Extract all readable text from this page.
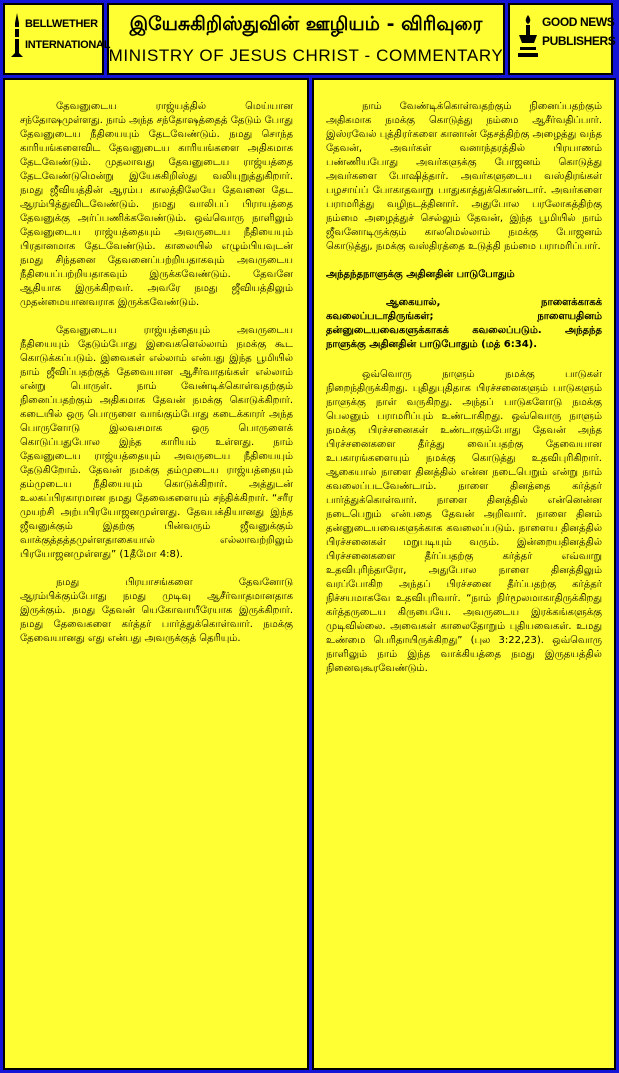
BELLWETHER
INTERNATIONAL
இயேசுகிறிஸ்துவின் ஊழியம் - விரிவுரை
MINISTRY OF JESUS CHRIST - COMMENTARY
GOOD NEWS
PUBLISHERS

தேவனுடைய ராஜ்யத்தில் மெய்யான சந்தோஷமுள்ளது. நாம் அந்த சந்தோஷத்தைத் தேடும் போது தேவனுடைய நீதியையும் தேடவேண்டும். நமது சொந்த காரியங்களைவிட தேவனுடைய காரியங்களை அதிகமாக தேடவேண்டும். முதலாவது தேவனுடைய ராஜ்யத்தை தேடவேண்டுமென்று இயேசுகிறிஸ்து வலியுறுத்துகிறார். நமது ஜீவியத்தின் ஆரம்ப காலத்திலேயே தேவனை தேட ஆரம்பித்துவிடவேண்டும். நமது வாலிபப் பிராயத்தை தேவனுக்கு அர்ப்பணிக்கவேண்டும். ஒவ்வொரு நாளிலும் தேவனுடைய ராஜ்யத்தையும் அவருடைய நீதியையும் பிரதானமாக தேடவேண்டும். காலையில் எழும்பியவுடன் நமது சிந்தனை தேவனைப்பற்றியதாகவும் அவருடைய நீதியைப்பற்றியதாகவும் இருக்கவேண்டும். தேவனே ஆதியாக இருக்கிறவர். அவரே நமது ஜீவியத்திலும் முதன்மையானவராக இருக்கவேண்டும்.

தேவனுடைய ராஜ்யத்தையும் அவருடைய நீதியையும் தேடும்போது இவைகளெல்லாம் நமக்கு கூட கொடுக்கப்படும். இவைகள் எல்லாம் என்பது இந்த பூமியில் நாம் ஜீவிப்பதற்குத் தேவையான ஆசீர்வாதங்கள் எல்லாம் என்று பொருள். நாம் வேண்டிக்கொள்வதற்கும் நினைப்பதற்கும் அதிகமாக தேவன் நமக்கு கொடுக்கிறார். கடையில் ஒரு பொருளை வாங்கும்போது கடைக்காரர் அந்த பொருளோடு இலவசமாக ஒரு பொருளைக் கொடுப்பதுபோல இந்த காரியம் உள்ளது. நாம் தேவனுடைய ராஜ்யத்தையும் அவருடைய நீதியையும் தேடுகிறோம். தேவன் நமக்கு தம்முடைய ராஜ்யத்தையும் தம்முடைய நீதியையும் கொடுக்கிறார். அத்துடன் உலகப்பிரகாரமான நமது தேவைகளையும் சந்திக்கிறார். “சரீர முயற்சி அற்பபிரயோஜனமுள்ளது. தேவபக்தியானது இந்த ஜீவனுக்கும் இதற்கு பின்வரும் ஜீவனுக்கும் வாக்குத்தத்தமுள்ளதாகையால் எல்லாவற்றிலும் பிரயோஜனமுள்ளது” (1தீமோ 4:8).

நமது பிரயாசங்களை தேவனோடு ஆரம்பிக்கும்போது நமது முடிவு ஆசீர்வாதமானதாக இருக்கும். நமது தேவன் யெகோவாயீரேயாக இருக்கிறார். நமது தேவைகளை கர்த்தர் பார்த்துக்கொள்வார். நமக்கு தேவையானது எது என்பது அவருக்குத் தெரியும்.

நாம் வேண்டிக்கொள்வதற்கும் நினைப்பதற்கும் அதிகமாக நமக்கு கொடுத்து நம்மை ஆசீர்வதிப்பார். இஸ்ரவேல் புத்திரர்களை கானான் தேசத்திற்கு அழைத்து வந்த தேவன், அவர்கள் வனாந்தரத்தில் பிரயாணம் பண்ணியபோது அவர்களுக்கு போஜனம் கொடுத்து அவர்களை போஷித்தார். அவர்களுடைய வஸ்திரங்கள் பழசாய்ப் போகாதவாறு பாதுகாத்துக்கொண்டார். அவர்களை பராமரித்து வழிநடத்தினார். அதுபோல பரலோகத்திற்கு நம்மை அழைத்துச் செல்லும் தேவன், இந்த பூமியில் நாம் ஜீவனோடிருக்கும் காலமெல்லாம் நமக்கு போஜனம் கொடுத்து, நமக்கு வஸ்திரத்தை உடுத்தி நம்மை பராமரிப்பார்.

அந்தந்தநாளுக்கு அதினதின் பாடுபோதும்

ஆகையால், நாளைக்காகக் கவலைப்படாதிருங்கள்; நாளையதினம் தன்னுடையவைகளுக்காகக் கவலைப்படும். அந்தந்த நாளுக்கு அதினதின் பாடுபோதும் (மத் 6:34).

ஒவ்வொரு நாளும் நமக்கு பாடுகள் நிறைந்திருக்கிறது. புதிதுபுதிதாக பிரச்சனைகளும் பாடுகளும் நாளுக்கு நாள் வருகிறது. அந்தப் பாடுகளோடு நமக்கு பெலனும் பராமரிப்பும் உண்டாகிறது. ஒவ்வொரு நாளும் நமக்கு பிரச்சனைகள் உண்டாகும்போது தேவன் அந்த பிரச்சனைகளை தீர்த்து வைப்பதற்கு தேவையான உபகாரங்களையும் நமக்கு கொடுத்து உதவிபுரிகிறார். ஆகையால் நாளை தினத்தில் என்ன நடைபெறும் என்று நாம் கவலைப்படவேண்டாம். நாளை தினத்தை கர்த்தர் பார்த்துக்கொள்வார். நாளை தினத்தில் என்னென்ன நடைபெறும் என்பதை தேவன் அறிவார். நாளை தினம் தன்னுடையவைகளுக்காக கவலைப்படும். நாளைய தினத்தில் பிரச்சனைகள் மறுபடியும் வரும். இன்றையதினத்தில் பிரச்சனைகளை தீர்ப்பதற்கு கர்த்தர் எவ்வாறு உதவிபுரிந்தாரோ, அதுபோல நாளை தினத்திலும் வரப்போகிற அந்தப் பிரச்சனை தீர்ப்பதற்கு கர்த்தர் நிச்சயமாகவே உதவிபுரிவார். “நாம் நிர்மூலமாகாதிருக்கிறது கர்த்தருடைய கிருபையே. அவருடைய இரக்கங்களுக்கு முடிவில்லை. அவைகள் காலைதோறும் புதியவைகள். உமது உண்மை பெரிதாயிருக்கிறது” (புல 3:22,23). ஒவ்வொரு நாளிலும் நாம் இந்த வாக்கியத்தை நமது இருதயத்தில் நினைவுகூரவேண்டும்.
